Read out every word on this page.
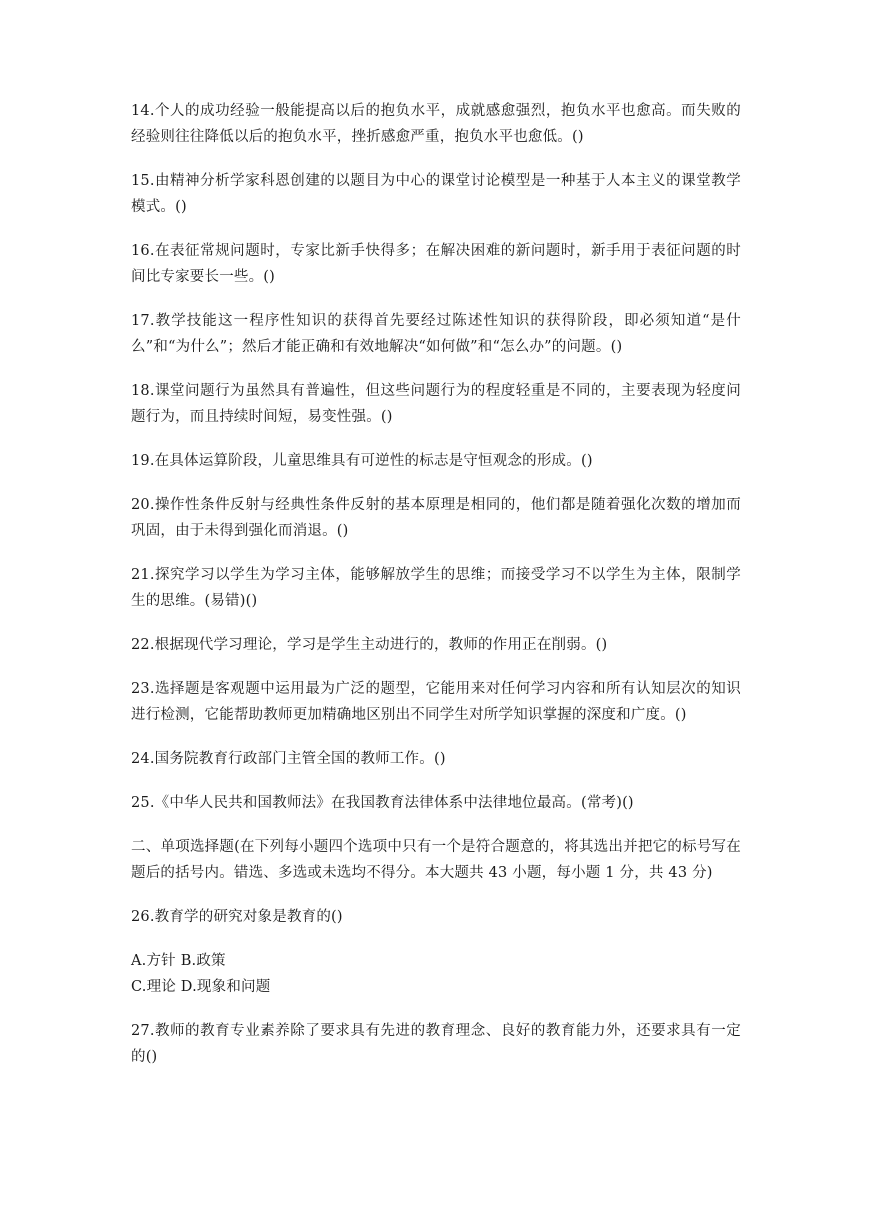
14.个人的成功经验一般能提高以后的抱负水平，成就感愈强烈，抱负水平也愈高。而失败的经验则往往降低以后的抱负水平，挫折感愈严重，抱负水平也愈低。()

15.由精神分析学家科恩创建的以题目为中心的课堂讨论模型是一种基于人本主义的课堂教学模式。()

16.在表征常规问题时，专家比新手快得多；在解决困难的新问题时，新手用于表征问题的时间比专家要长一些。()

17.教学技能这一程序性知识的获得首先要经过陈述性知识的获得阶段，即必须知道“是什么”和“为什么”；然后才能正确和有效地解决“如何做”和“怎么办”的问题。()

18.课堂问题行为虽然具有普遍性，但这些问题行为的程度轻重是不同的，主要表现为轻度问题行为，而且持续时间短，易变性强。()

19.在具体运算阶段，儿童思维具有可逆性的标志是守恒观念的形成。()

20.操作性条件反射与经典性条件反射的基本原理是相同的，他们都是随着强化次数的增加而巩固，由于未得到强化而消退。()

21.探究学习以学生为学习主体，能够解放学生的思维；而接受学习不以学生为主体，限制学生的思维。(易错)()

22.根据现代学习理论，学习是学生主动进行的，教师的作用正在削弱。()

23.选择题是客观题中运用最为广泛的题型，它能用来对任何学习内容和所有认知层次的知识进行检测，它能帮助教师更加精确地区别出不同学生对所学知识掌握的深度和广度。()

24.国务院教育行政部门主管全国的教师工作。()

25.《中华人民共和国教师法》在我国教育法律体系中法律地位最高。(常考)()

二、单项选择题(在下列每小题四个选项中只有一个是符合题意的，将其选出并把它的标号写在题后的括号内。错选、多选或未选均不得分。本大题共 43 小题，每小题 1 分，共 43 分)

26.教育学的研究对象是教育的()

A.方针 B.政策
C.理论 D.现象和问题

27.教师的教育专业素养除了要求具有先进的教育理念、良好的教育能力外，还要求具有一定的()
